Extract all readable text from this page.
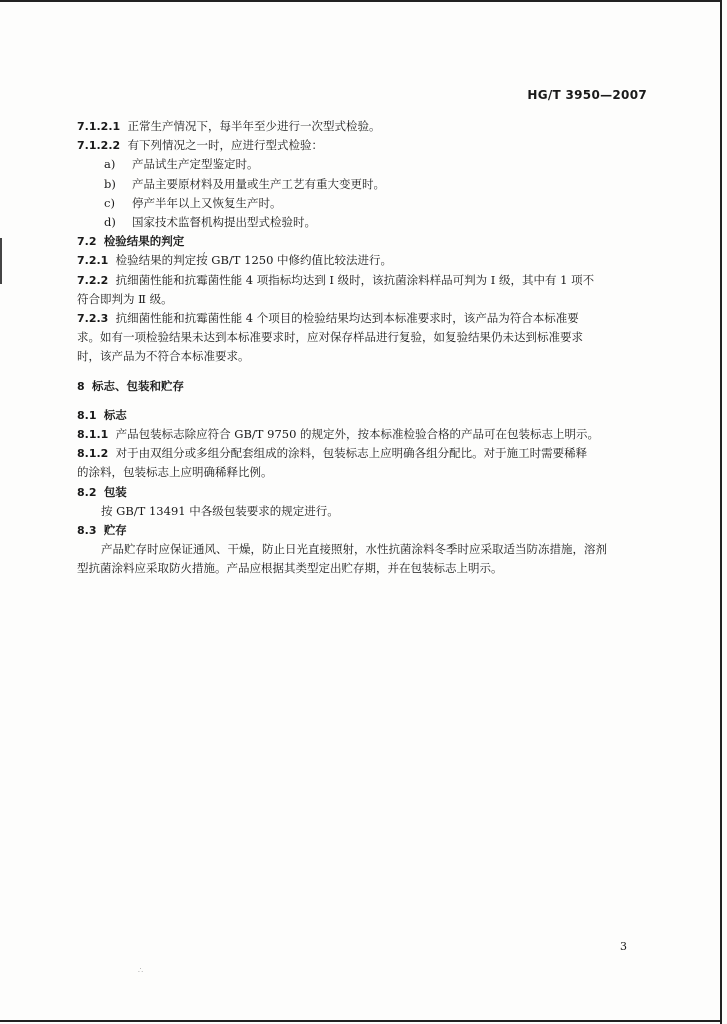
HG/T 3950—2007
7.1.2.1 正常生产情况下，每半年至少进行一次型式检验。
7.1.2.2 有下列情况之一时，应进行型式检验：
a) 产品试生产定型鉴定时。
b) 产品主要原材料及用量或生产工艺有重大变更时。
c) 停产半年以上又恢复生产时。
d) 国家技术监督机构提出型式检验时。
7.2 检验结果的判定
7.2.1 检验结果的判定按 GB/T 1250 中修约值比较法进行。
7.2.2 抗细菌性能和抗霉菌性能 4 项指标均达到 Ⅰ 级时，该抗菌涂料样品可判为 Ⅰ 级，其中有 1 项不
符合即判为 Ⅱ 级。
7.2.3 抗细菌性能和抗霉菌性能 4 个项目的检验结果均达到本标准要求时，该产品为符合本标准要
求。如有一项检验结果未达到本标准要求时，应对保存样品进行复验，如复验结果仍未达到标准要求
时，该产品为不符合本标准要求。
8 标志、包装和贮存
8.1 标志
8.1.1 产品包装标志除应符合 GB/T 9750 的规定外，按本标准检验合格的产品可在包装标志上明示。
8.1.2 对于由双组分或多组分配套组成的涂料，包装标志上应明确各组分配比。对于施工时需要稀释
的涂料，包装标志上应明确稀释比例。
8.2 包装
按 GB/T 13491 中各级包装要求的规定进行。
8.3 贮存
产品贮存时应保证通风、干燥，防止日光直接照射，水性抗菌涂料冬季时应采取适当防冻措施，溶剂
型抗菌涂料应采取防火措施。产品应根据其类型定出贮存期，并在包装标志上明示。
,
∴
3
